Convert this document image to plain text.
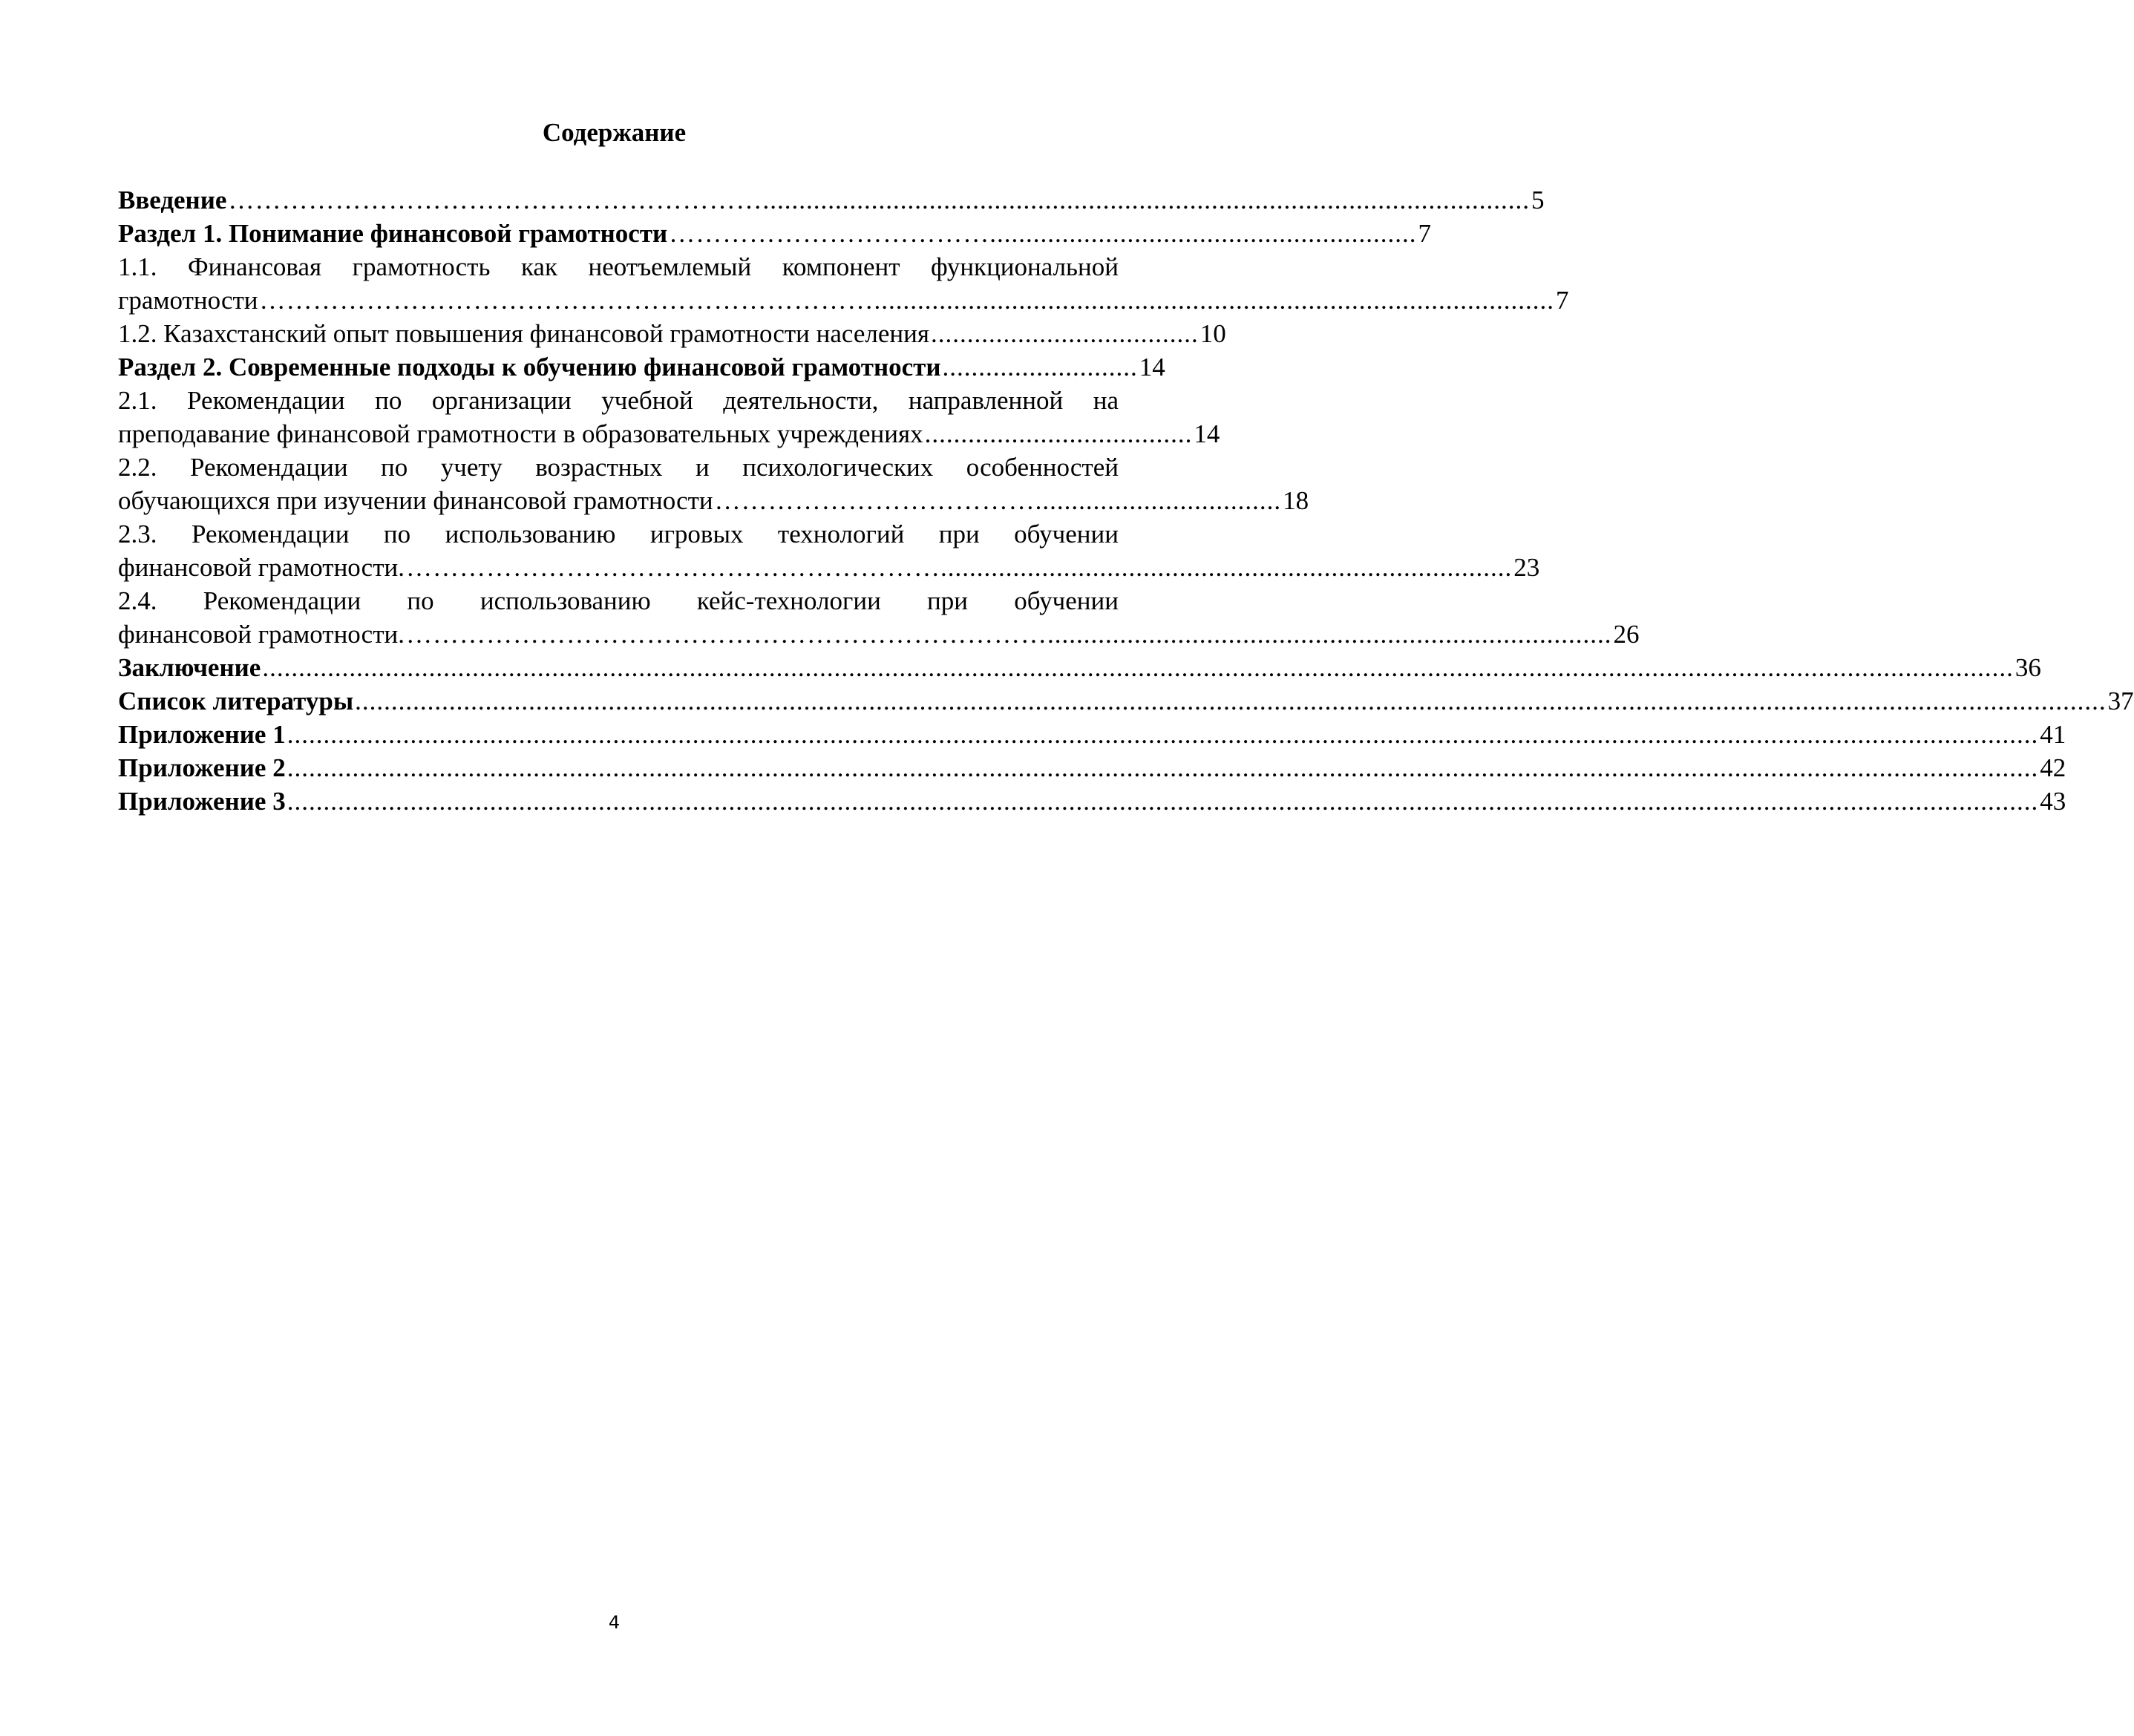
Содержание
Введение …………………………………………………….......................................................................................................... 5
Раздел 1. Понимание финансовой грамотности ………………………………........................................................... 7
1.1. Финансовая грамотность как неотъемлемый компонент функциональной
грамотности …………………………………………………………….............................................................................................. 7
1.2. Казахстанский опыт повышения финансовой грамотности населения ..................................... 10
Раздел 2. Современные подходы к обучению финансовой грамотности ........................... 14
2.1. Рекомендации по организации учебной деятельности, направленной на
преподавание финансовой грамотности в образовательных учреждениях ..................................... 14
2.2. Рекомендации по учету возрастных и психологических особенностей
обучающихся при изучении финансовой грамотности ……………………………….................................. 18
2.3. Рекомендации по использованию игровых технологий при обучении
финансовой грамотности. ……………………………………………………............................................................................... 23
2.4. Рекомендации по использованию кейс-технологии при обучении
финансовой грамотности. ……………………………………………………………….............................................................................. 26
Заключение .................................................................................................................................................................................................................................................. 36
Список литературы .................................................................................................................................................................................................................................................. 37
Приложение 1 .................................................................................................................................................................................................................................................. 41
Приложение 2 .................................................................................................................................................................................................................................................. 42
Приложение 3 .................................................................................................................................................................................................................................................. 43
4
